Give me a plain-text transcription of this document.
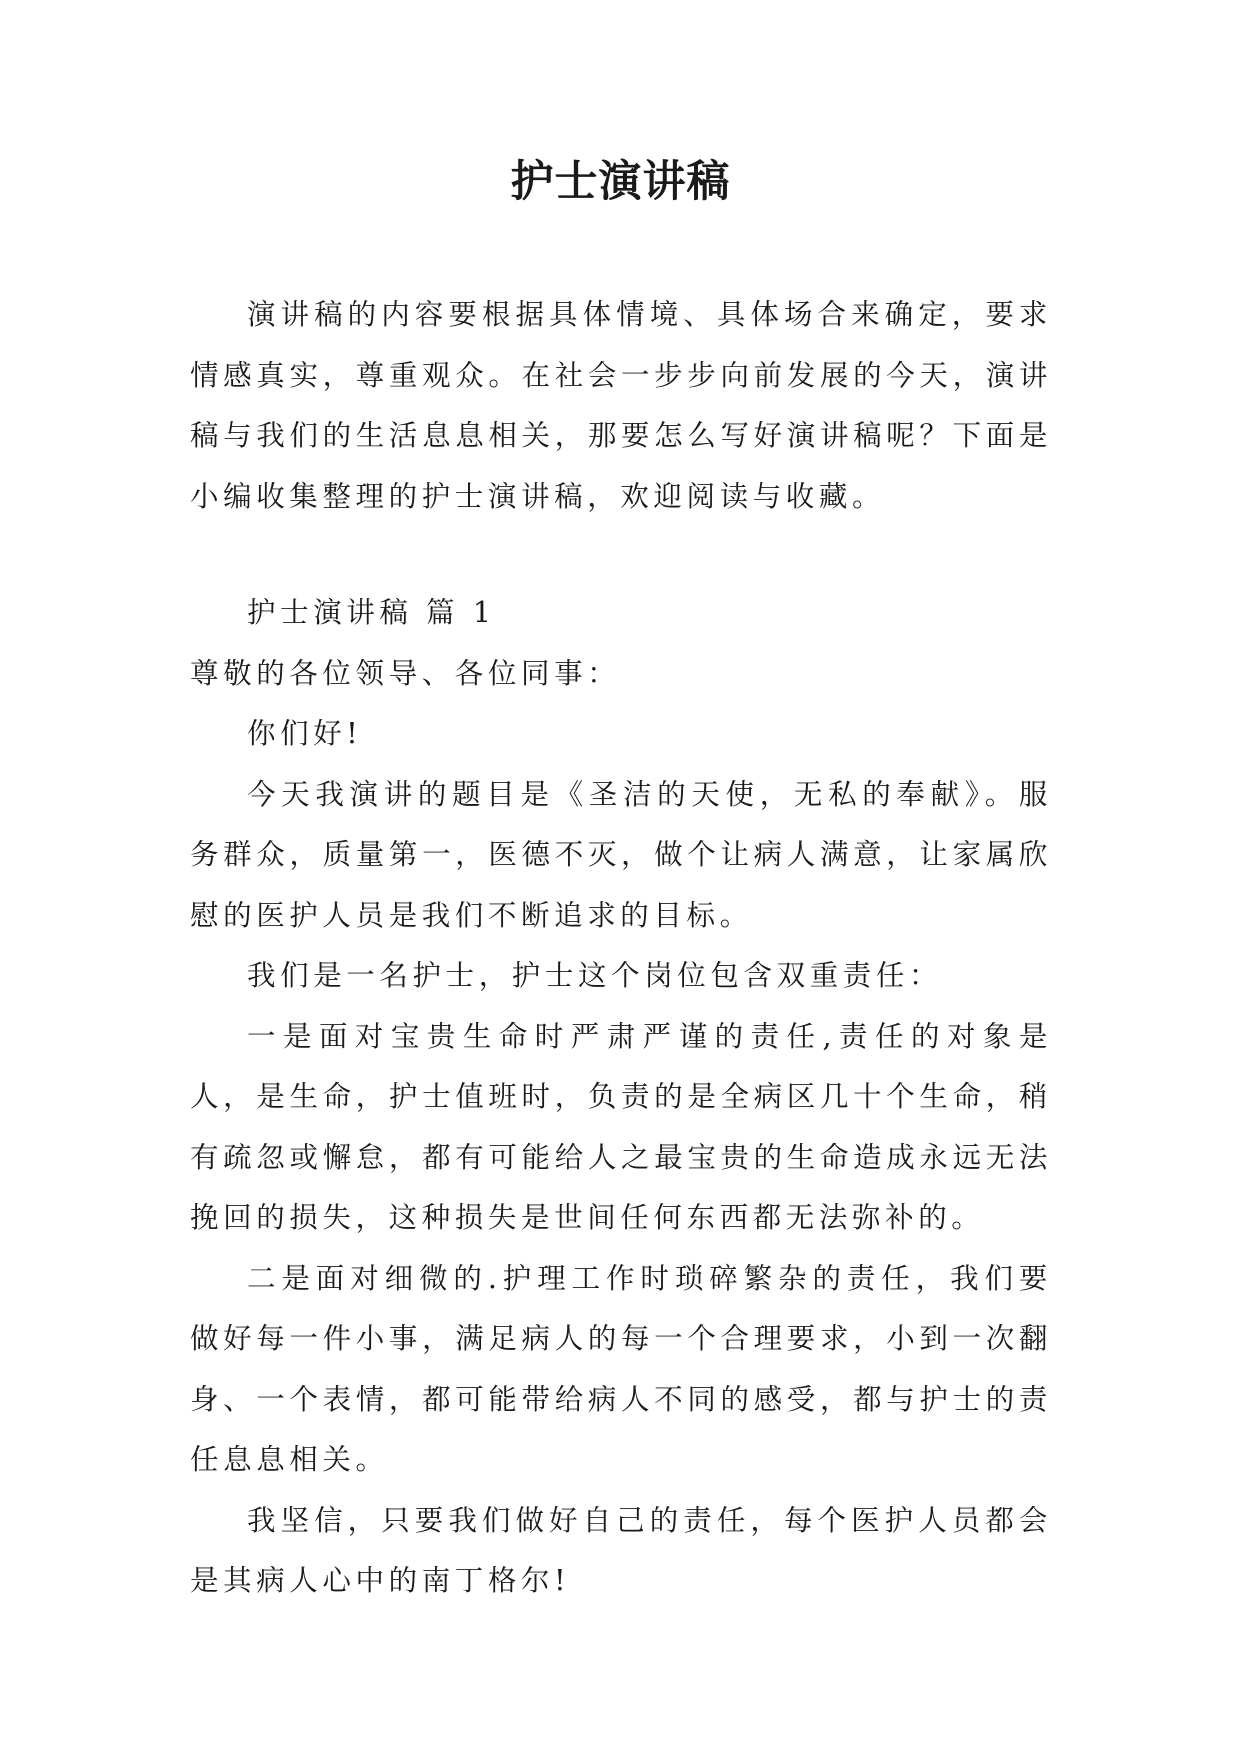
护士演讲稿

演讲稿的内容要根据具体情境、具体场合来确定，要求情感真实，尊重观众。在社会一步步向前发展的今天，演讲稿与我们的生活息息相关，那要怎么写好演讲稿呢？下面是小编收集整理的护士演讲稿，欢迎阅读与收藏。

护士演讲稿 篇 1

尊敬的各位领导、各位同事：

你们好!

今天我演讲的题目是《圣洁的天使，无私的奉献》。服务群众，质量第一，医德不灭，做个让病人满意，让家属欣慰的医护人员是我们不断追求的目标。

我们是一名护士，护士这个岗位包含双重责任：

一是面对宝贵生命时严肃严谨的责任,责任的对象是人，是生命，护士值班时，负责的是全病区几十个生命，稍有疏忽或懈怠，都有可能给人之最宝贵的生命造成永远无法挽回的损失，这种损失是世间任何东西都无法弥补的。

二是面对细微的.护理工作时琐碎繁杂的责任，我们要做好每一件小事，满足病人的每一个合理要求，小到一次翻身、一个表情，都可能带给病人不同的感受，都与护士的责任息息相关。

我坚信，只要我们做好自己的责任，每个医护人员都会是其病人心中的南丁格尔!
